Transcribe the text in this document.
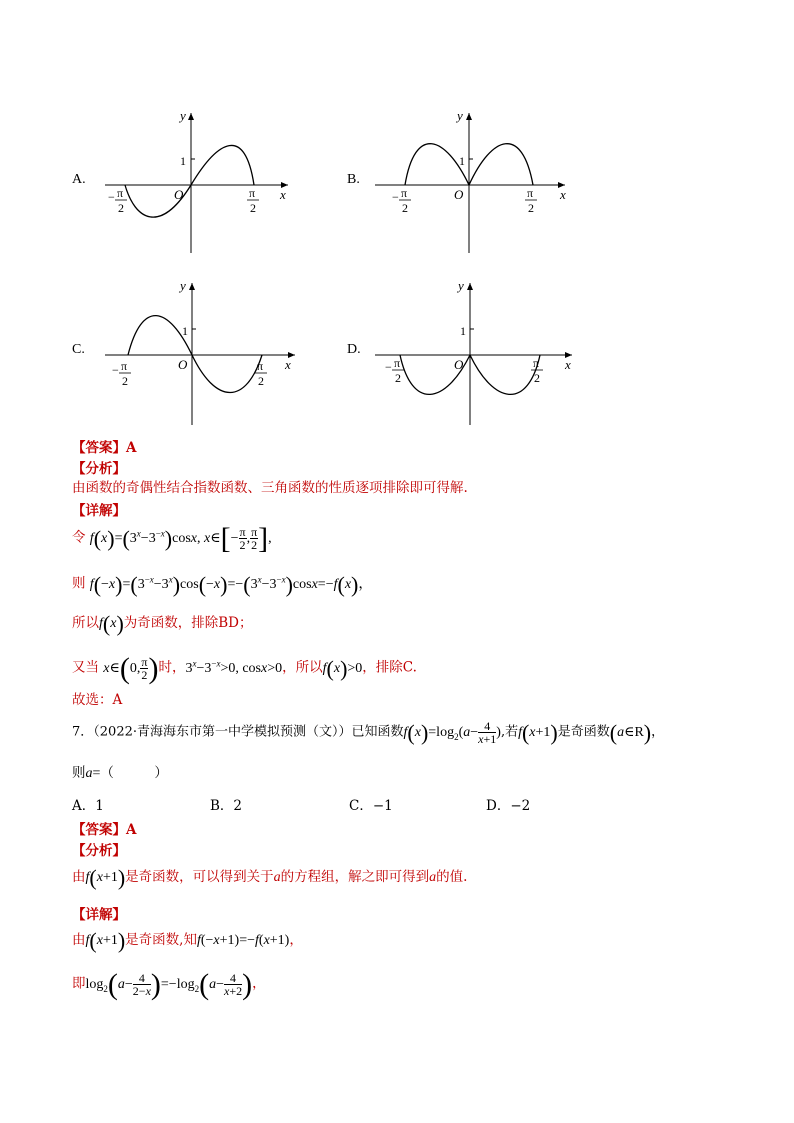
A.
y
1
O	x
− π
2
π
2
B.
y
1
O	x
− π
2
π
2
C.
y
1
O	x
− π
2
π
2
D.
y
1
O	x
− π
2
π
2
【答案】A
【分析】
由函数的奇偶性结合指数函数、三角函数的性质逐项排除即可得解.
【详解】
令 $f(x)=(3^x-3^{-x})\cos x$, x∈[− $\frac{\pi}{2}$ , $\frac{\pi}{2}$ ],
则 $f(-x)=(3^{-x}-3^x)\cos(-x)=-(3^x-3^{-x})\cos x=-f(x)$，
所以f(x)为奇函数，排除BD；
又当 x∈(0, $\frac{\pi}{2}$ )时，$3^x-3^{-x}>0$, cosx>0，所以f(x)>0，排除C.
故选：A
7．（2022·青海海东市第一中学模拟预测（文））已知函数$f(x)=\log_2(a- \frac{4}{x+1}$ ),若f(x+1)是奇函数(a∈R)，
则a=（　　　）
A．1	B．2	C．−1	D．−2
【答案】A
【分析】
由f(x+1)是奇函数，可以得到关于a的方程组，解之即可得到a的值.
【详解】
由f(x+1)是奇函数,知f(−x+1)=−f(x+1)，
即$\log_2(a- \frac{4}{2-x} )=-\log_2(a- \frac{4}{x+2}$ )，
